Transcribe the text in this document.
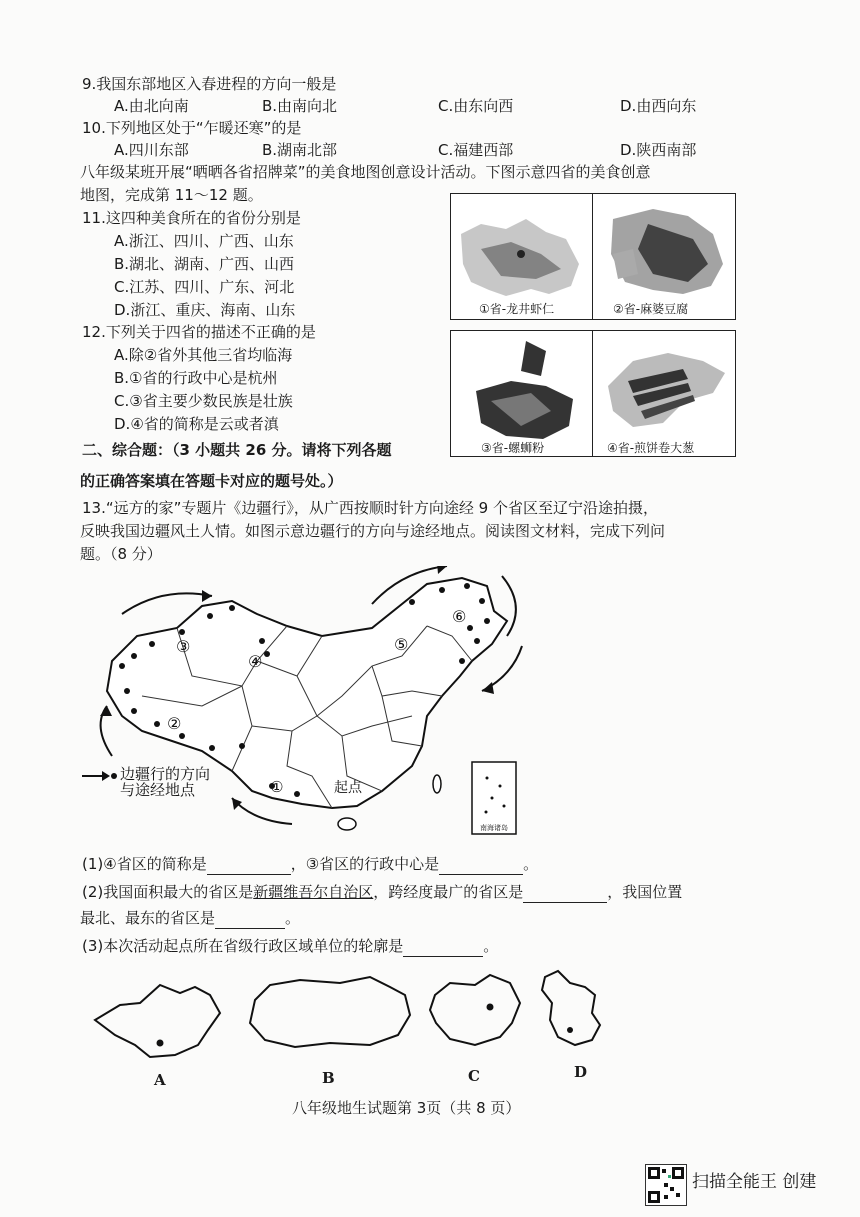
9.我国东部地区入春进程的方向一般是
A.由北向南	B.由南向北	C.由东向西	D.由西向东
10.下列地区处于“乍暖还寒”的是
A.四川东部	B.湖南北部	C.福建西部	D.陕西南部
八年级某班开展“晒晒各省招牌菜”的美食地图创意设计活动。下图示意四省的美食创意
地图，完成第 11～12 题。
11.这四种美食所在的省份分别是
A.浙江、四川、广西、山东
B.湖北、湖南、广西、山西
C.江苏、四川、广东、河北
D.浙江、重庆、海南、山东
12.下列关于四省的描述不正确的是
A.除②省外其他三省均临海
B.①省的行政中心是杭州
C.③省主要少数民族是壮族
D.④省的简称是云或者滇
①省-龙井虾仁	②省-麻婆豆腐
③省-螺蛳粉	④省-煎饼卷大葱
二、综合题：（3 小题共 26 分。请将下列各题
的正确答案填在答题卡对应的题号处。）
13.“远方的家”专题片《边疆行》，从广西按顺时针方向途经 9 个省区至辽宁沿途拍摄，
反映我国边疆风土人情。如图示意边疆行的方向与途经地点。阅读图文材料，完成下列问
题。（8 分）
边疆行的方向
与途经地点	①
②
③
④
⑤
⑥
起点
南海诸岛
(1)④省区的简称是	，③省区的行政中心是	。
(2)我国面积最大的省区是新疆维吾尔自治区，跨经度最广的省区是	，我国位置
最北、最东的省区是	。
(3)本次活动起点所在省级行政区域单位的轮廓是	。
A	B	C	D
八年级地生试题第 3页（共 8 页）
扫描全能王 创建
